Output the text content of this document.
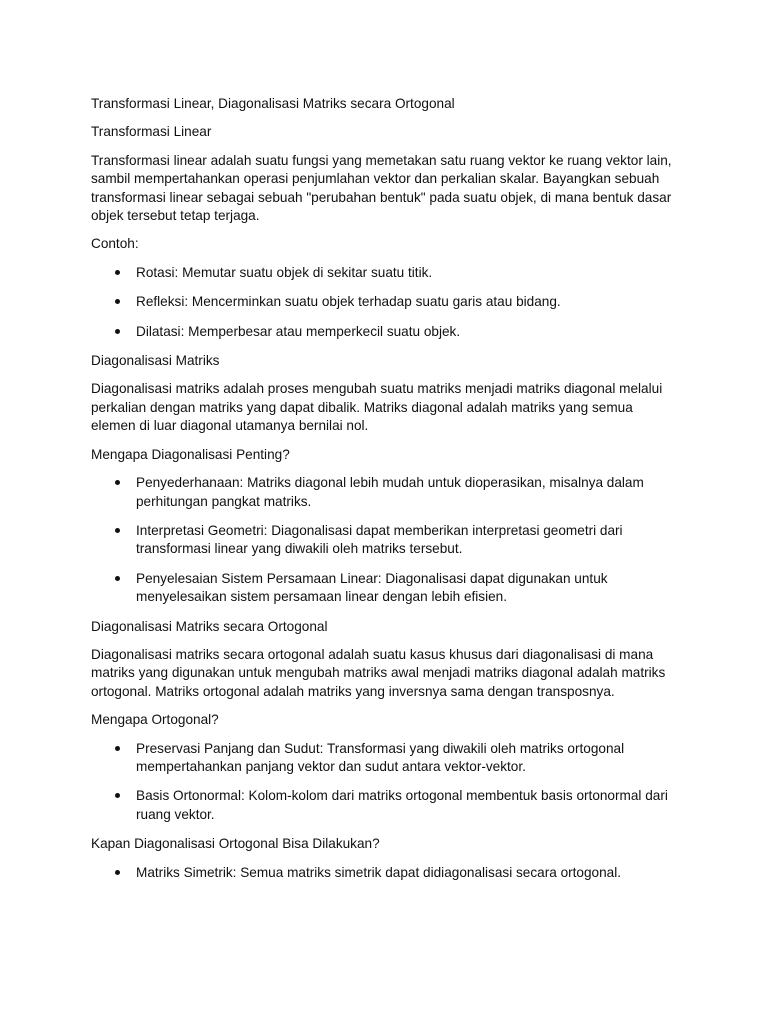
Transformasi Linear, Diagonalisasi Matriks secara Ortogonal

Transformasi Linear

Transformasi linear adalah suatu fungsi yang memetakan satu ruang vektor ke ruang vektor lain, sambil mempertahankan operasi penjumlahan vektor dan perkalian skalar. Bayangkan sebuah transformasi linear sebagai sebuah "perubahan bentuk" pada suatu objek, di mana bentuk dasar objek tersebut tetap terjaga.

Contoh:

Rotasi: Memutar suatu objek di sekitar suatu titik.
Refleksi: Mencerminkan suatu objek terhadap suatu garis atau bidang.
Dilatasi: Memperbesar atau memperkecil suatu objek.

Diagonalisasi Matriks

Diagonalisasi matriks adalah proses mengubah suatu matriks menjadi matriks diagonal melalui perkalian dengan matriks yang dapat dibalik. Matriks diagonal adalah matriks yang semua elemen di luar diagonal utamanya bernilai nol.

Mengapa Diagonalisasi Penting?

Penyederhanaan: Matriks diagonal lebih mudah untuk dioperasikan, misalnya dalam perhitungan pangkat matriks.
Interpretasi Geometri: Diagonalisasi dapat memberikan interpretasi geometri dari transformasi linear yang diwakili oleh matriks tersebut.
Penyelesaian Sistem Persamaan Linear: Diagonalisasi dapat digunakan untuk menyelesaikan sistem persamaan linear dengan lebih efisien.

Diagonalisasi Matriks secara Ortogonal

Diagonalisasi matriks secara ortogonal adalah suatu kasus khusus dari diagonalisasi di mana matriks yang digunakan untuk mengubah matriks awal menjadi matriks diagonal adalah matriks ortogonal. Matriks ortogonal adalah matriks yang inversnya sama dengan transposnya.

Mengapa Ortogonal?

Preservasi Panjang dan Sudut: Transformasi yang diwakili oleh matriks ortogonal mempertahankan panjang vektor dan sudut antara vektor-vektor.
Basis Ortonormal: Kolom-kolom dari matriks ortogonal membentuk basis ortonormal dari ruang vektor.

Kapan Diagonalisasi Ortogonal Bisa Dilakukan?

Matriks Simetrik: Semua matriks simetrik dapat didiagonalisasi secara ortogonal.
